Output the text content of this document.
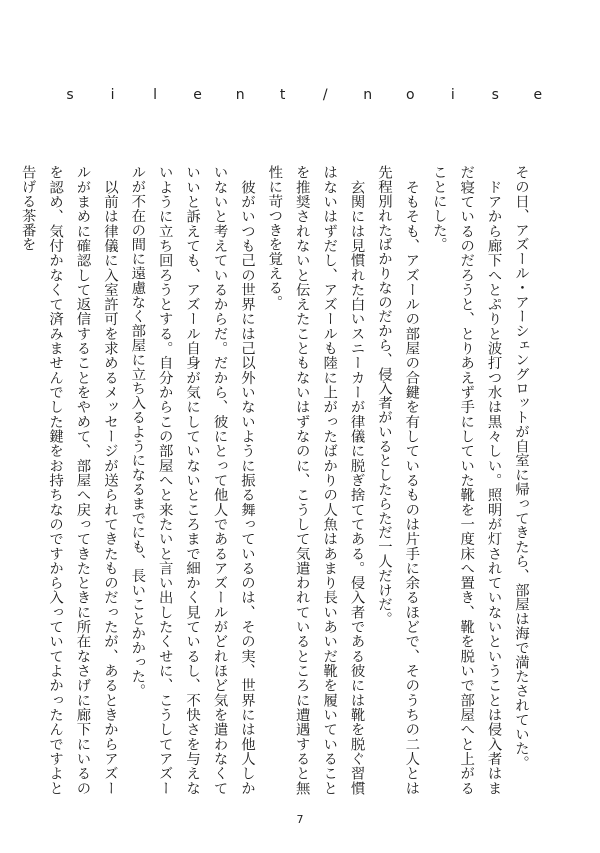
s	i	l	e n	t	/	n o	i	s e

その日、アズール・アーシェングロットが自室に帰ってきたら、部屋は海で満たされていた。

　ドアから廊下へとぷりと波打つ水は黒々しい。照明が灯されていないということは侵入者はまだ寝ているのだろうと、とりあえず手にしていた靴を一度床へ置き、靴を脱いで部屋へと上がることにした。

　そもそも、アズールの部屋の合鍵を有しているものは片手に余るほどで、そのうちの二人とは先程別れたばかりなのだから、侵入者がいるとしたらただ一人だけだ。

　玄関には見慣れた白いスニーカーが律儀に脱ぎ捨ててある。侵入者である彼には靴を脱ぐ習慣はないはずだし、アズールも陸に上がったばかりの人魚はあまり長いあいだ靴を履いていることを推奨されないと伝えたこともないはずなのに、こうして気遣われているところに遭遇すると無性に苛つきを覚える。

　彼がいつも己の世界には己以外いないように振る舞っているのは、その実、世界には他人しかいないと考えているからだ。だから、彼にとって他人であるアズールがどれほど気を遣わなくていいと訴えても、アズール自身が気にしていないところまで細かく見ているし、不快さを与えないように立ち回ろうとする。自分からこの部屋へと来たいと言い出したくせに、こうしてアズールが不在の間に遠慮なく部屋に立ち入るようになるまでにも、長いことかかった。

　以前は律儀に入室許可を求めるメッセージが送られてきたものだったが、あるときからアズールがまめに確認して返信することをやめて、部屋へ戻ってきたときに所在なさげに廊下にいるのを認め、気付かなくて済みませんでした鍵をお持ちなのですから入っていてよかったんですよと告げる茶番を

7
